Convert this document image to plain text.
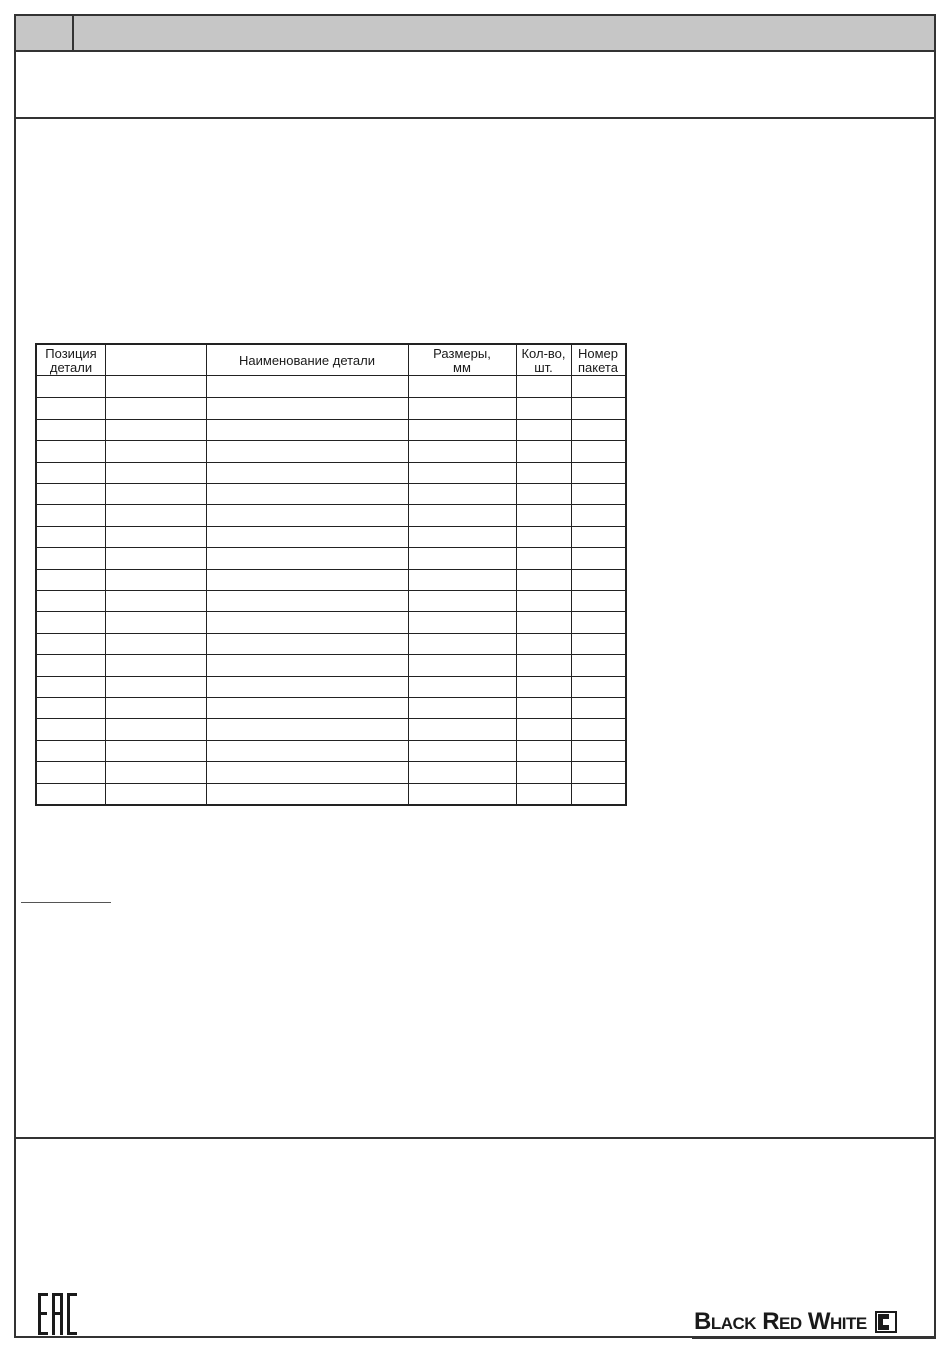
Позиция
детали	Наименование детали	Размеры,
мм
Кол-во,
шт.
Номер
пакета
Black Red White
